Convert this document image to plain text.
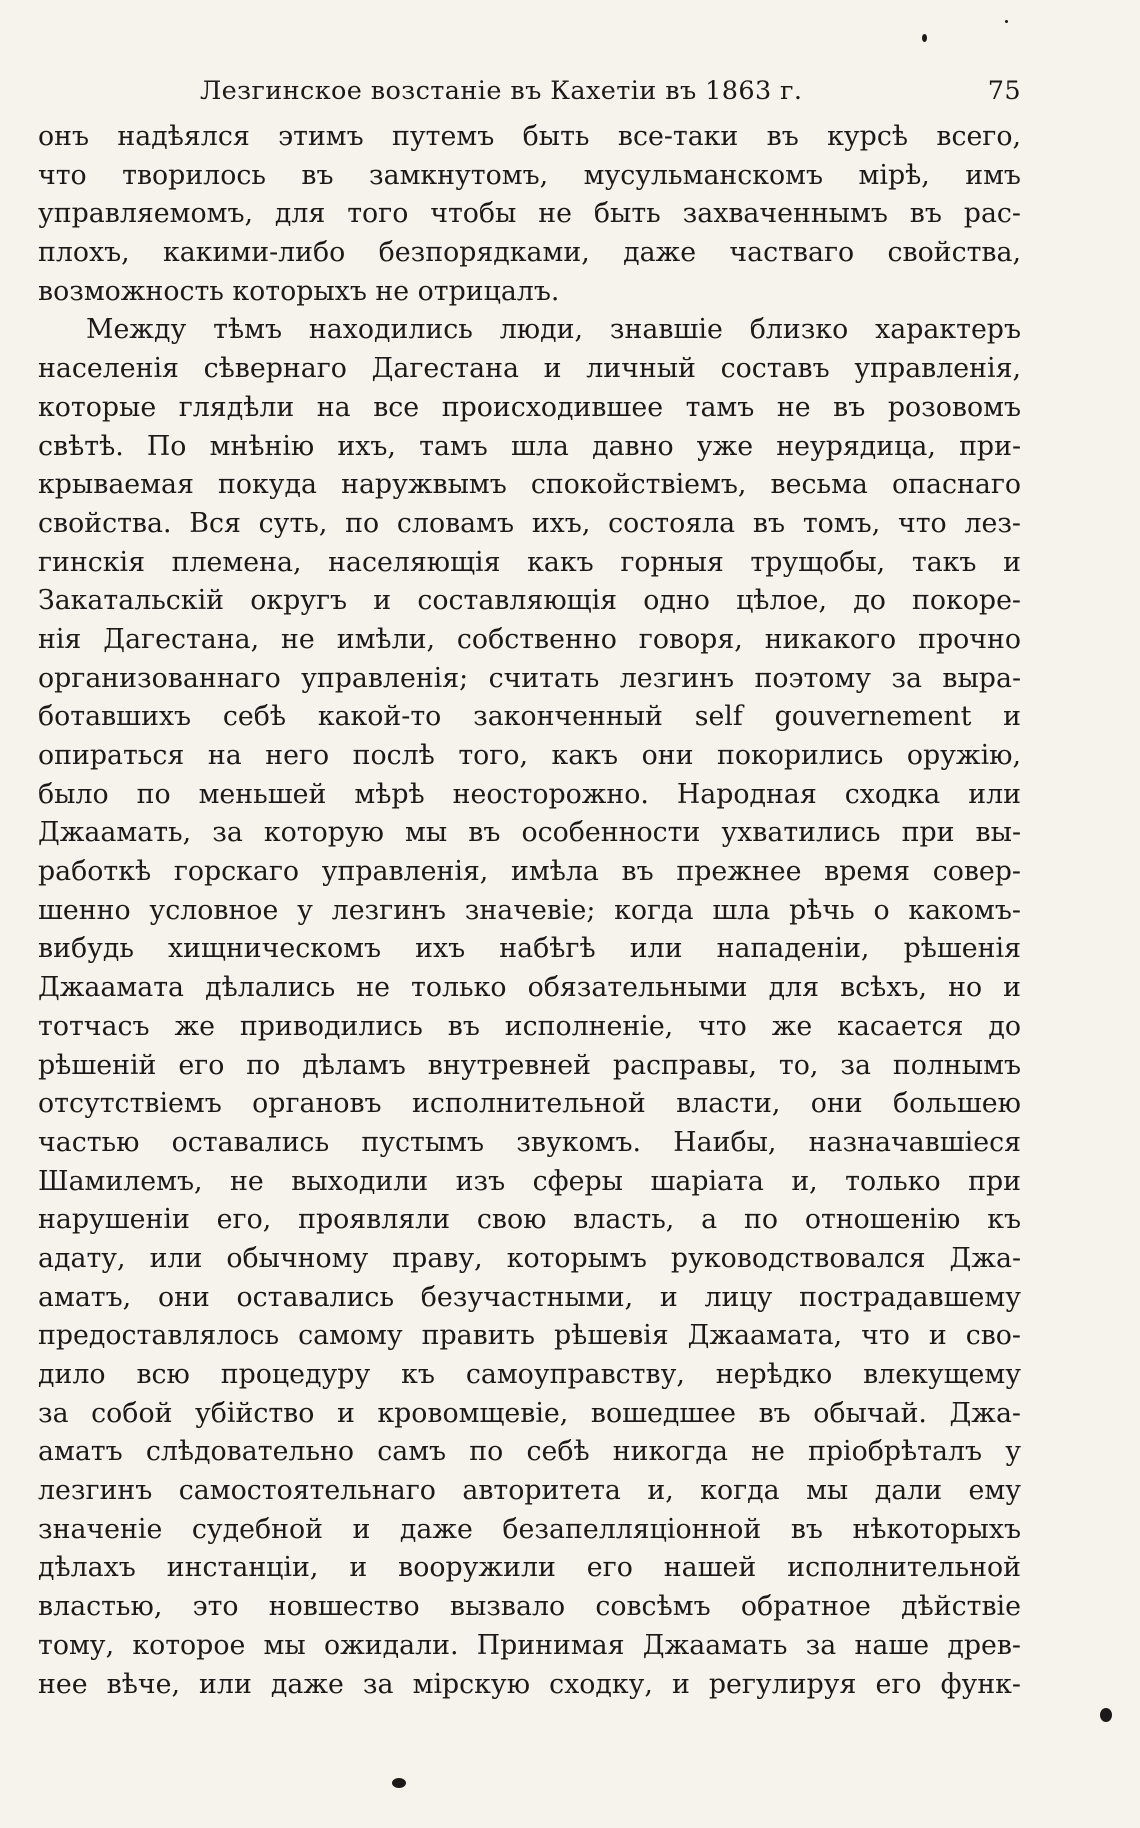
Лезгинское возстаніе въ Кахетіи въ 1863 г.	75
онъ надѣялся этимъ путемъ быть все-таки въ курсѣ всего,
что творилось въ замкнутомъ, мусульманскомъ мірѣ, имъ
управляемомъ, для того чтобы не быть захваченнымъ въ рас-
плохъ, какими-либо безпорядками, даже частваго свойства,
возможность которыхъ не отрицалъ.
Между тѣмъ находились люди, знавшіе близко характеръ
населенія сѣвернаго Дагестана и личный составъ управленія,
которые глядѣли на все происходившее тамъ не въ розовомъ
свѣтѣ. По мнѣнію ихъ, тамъ шла давно уже неурядица, при-
крываемая покуда наружвымъ спокойствіемъ, весьма опаснаго
свойства. Вся суть, по словамъ ихъ, состояла въ томъ, что лез-
гинскія племена, населяющія какъ горныя трущобы, такъ и
Закатальскій округъ и составляющія одно цѣлое, до покоре-
нія Дагестана, не имѣли, собственно говоря, никакого прочно
организованнаго управленія; считать лезгинъ поэтому за выра-
ботавшихъ себѣ какой-то законченный self gouvernement и
опираться на него послѣ того, какъ они покорились оружію,
было по меньшей мѣрѣ неосторожно. Народная сходка или
Джаамать, за которую мы въ особенности ухватились при вы-
работкѣ горскаго управленія, имѣла въ прежнее время совер-
шенно условное у лезгинъ значевіе; когда шла рѣчь о какомъ-
вибудь хищническомъ ихъ набѣгѣ или нападеніи, рѣшенія
Джаамата дѣлались не только обязательными для всѣхъ, но и
тотчасъ же приводились въ исполненіе, что же касается до
рѣшеній его по дѣламъ внутревней расправы, то, за полнымъ
отсутствіемъ органовъ исполнительной власти, они большею
частью оставались пустымъ звукомъ. Наибы, назначавшіеся
Шамилемъ, не выходили изъ сферы шаріата и, только при
нарушеніи его, проявляли свою власть, а по отношенію къ
адату, или обычному праву, которымъ руководствовался Джа-
аматъ, они оставались безучастными, и лицу пострадавшему
предоставлялось самому править рѣшевія Джаамата, что и сво-
дило всю процедуру къ самоуправству, нерѣдко влекущему
за собой убійство и кровомщевіе, вошедшее въ обычай. Джа-
аматъ слѣдовательно самъ по себѣ никогда не пріобрѣталъ у
лезгинъ самостоятельнаго авторитета и, когда мы дали ему
значеніе судебной и даже безапелляціонной въ нѣкоторыхъ
дѣлахъ инстанціи, и вооружили его нашей исполнительной
властью, это новшество вызвало совсѣмъ обратное дѣйствіе
тому, которое мы ожидали. Принимая Джаамать за наше древ-
нее вѣче, или даже за мірскую сходку, и регулируя его функ-
